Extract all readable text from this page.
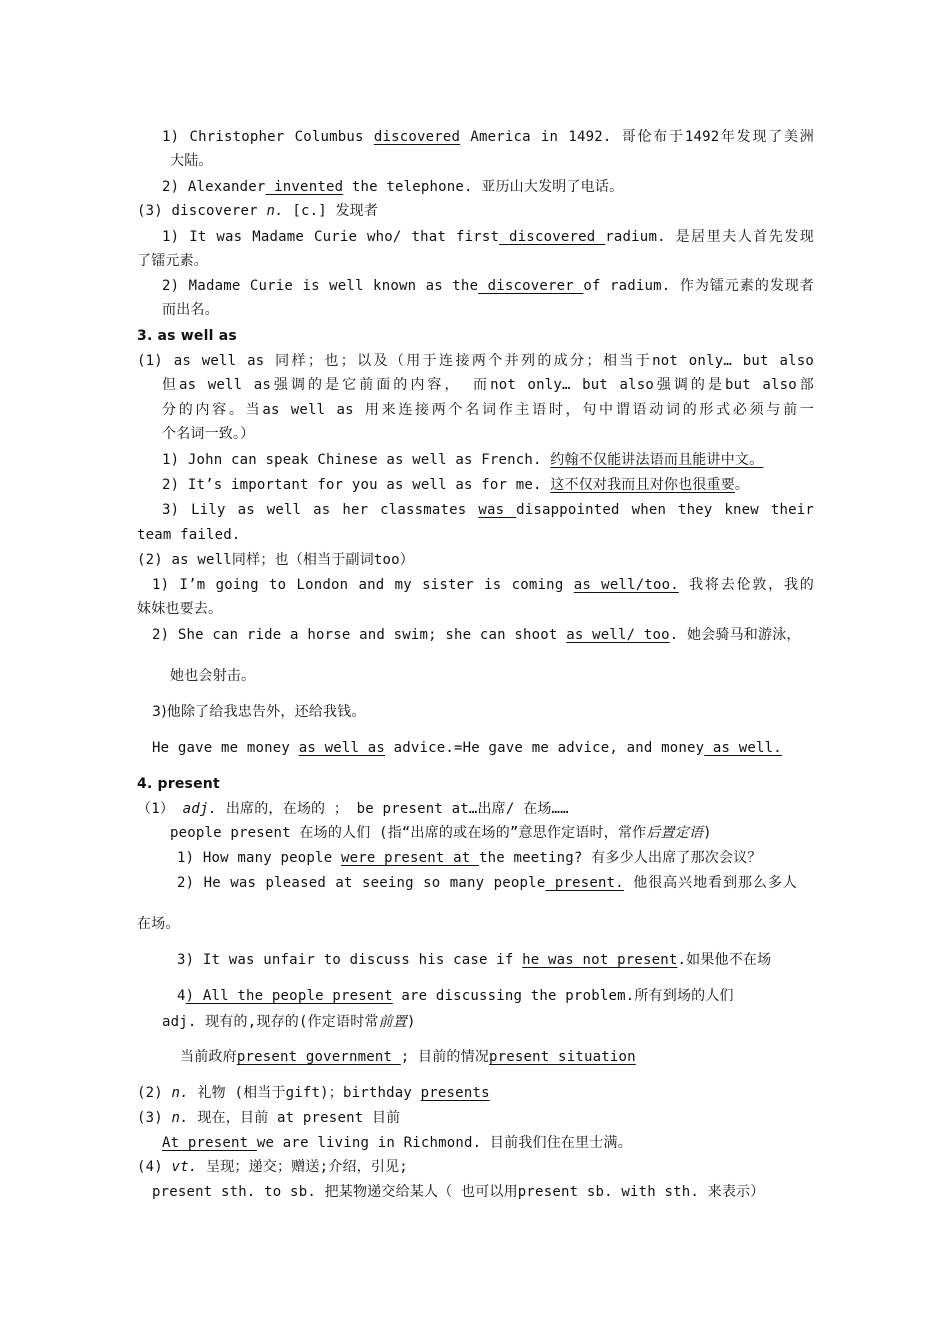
1) Christopher Columbus discovered America in 1492. 哥伦布于1492年发现了美洲
大陆。
2) Alexander invented the telephone. 亚历山大发明了电话。
(3) discoverer n. [c.] 发现者
1) It was Madame Curie who/ that first discovered radium. 是居里夫人首先发现
了镭元素。
2) Madame Curie is well known as the discoverer of radium. 作为镭元素的发现者
而出名。
3. as well as
(1) as well as 同样；也；以及（用于连接两个并列的成分；相当于not only… but also
但as well as强调的是它前面的内容， 而not only… but also强调的是but also部
分的内容。当as well as 用来连接两个名词作主语时，句中谓语动词的形式必须与前一
个名词一致。）
1) John can speak Chinese as well as French. 约翰不仅能讲法语而且能讲中文。
2) It’s important for you as well as for me. 这不仅对我而且对你也很重要。
3) Lily as well as her classmates was disappointed when they knew their
team failed.
(2) as well同样；也（相当于副词too）
1) I’m going to London and my sister is coming as well/too. 我将去伦敦，我的
妹妹也要去。
2) She can ride a horse and swim; she can shoot as well/ too. 她会骑马和游泳，
她也会射击。
3)他除了给我忠告外，还给我钱。
He gave me money as well as advice.=He gave me advice, and money as well.
4. present
（1） adj. 出席的，在场的 ； be present at…出席/ 在场……
people present 在场的人们 (指“出席的或在场的”意思作定语时，常作后置定语)
1) How many people were present at the meeting? 有多少人出席了那次会议？
2) He was pleased at seeing so many people present. 他很高兴地看到那么多人
在场。
3) It was unfair to discuss his case if he was not present.如果他不在场
4) All the people present are discussing the problem.所有到场的人们
adj. 现有的,现存的(作定语时常前置)
当前政府present government ; 目前的情况present situation
(2) n. 礼物 (相当于gift)；birthday presents
(3) n. 现在，目前 at present 目前
At present we are living in Richmond. 目前我们住在里士满。
(4) vt. 呈现；递交；赠送;介绍，引见;
present sth. to sb. 把某物递交给某人（ 也可以用present sb. with sth. 来表示）
